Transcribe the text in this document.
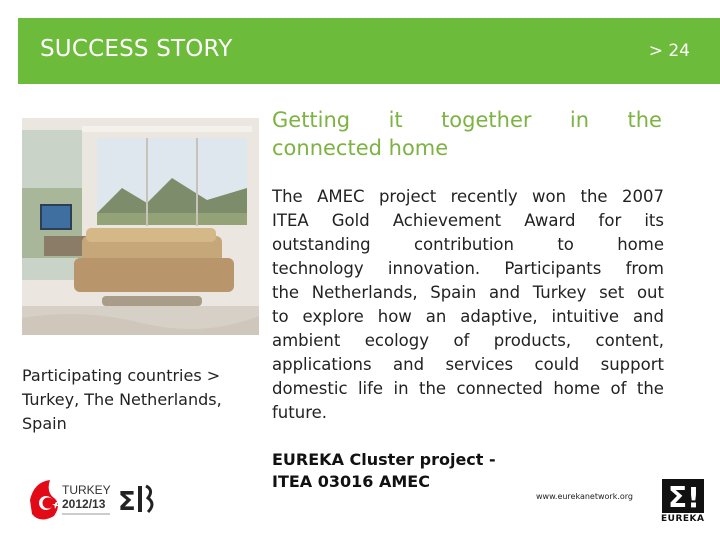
SUCCESS STORY	> 24
Participating countries >
Turkey, The Netherlands,
Spain
Getting it together in the
connected home
The AMEC project recently won the 2007
ITEA Gold Achievement Award for its
outstanding	contribution	to	home
technology innovation. Participants from
the Netherlands, Spain and Turkey set out
to explore how an adaptive, intuitive and
ambient ecology of products, content,
applications and services could support
domestic life in the connected home of the
future.
EUREKA Cluster project -
ITEA 03016 AMEC
www.eurekanetwork.org
TURKEY
2012/13 Σ	Σ!
EUREKA
